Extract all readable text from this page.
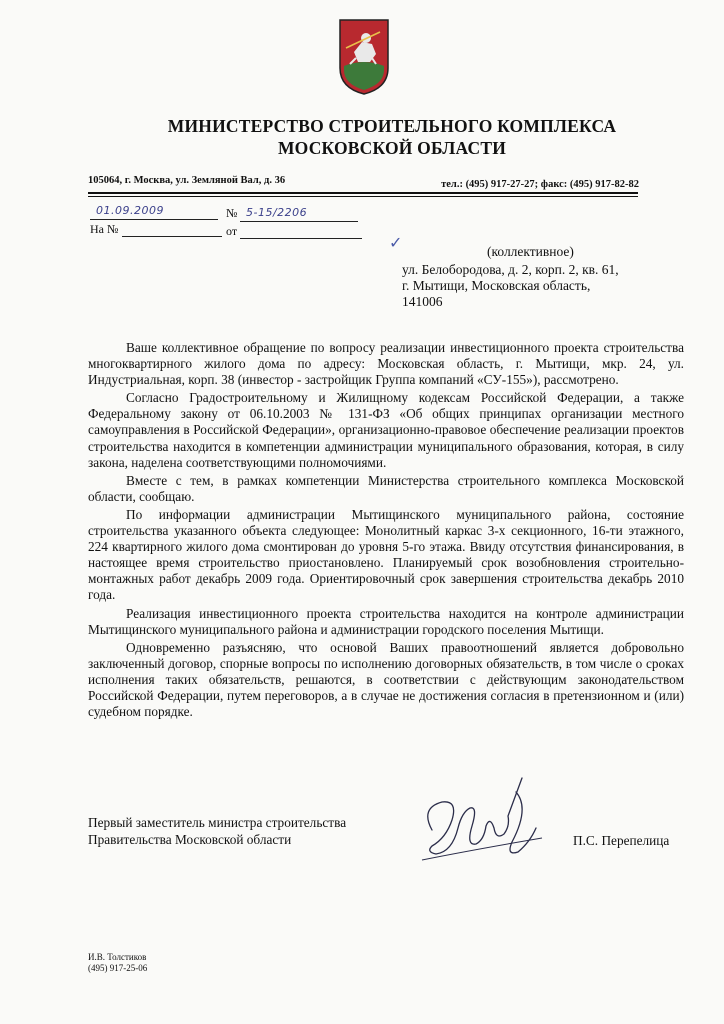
МИНИСТЕРСТВО СТРОИТЕЛЬНОГО КОМПЛЕКСА
МОСКОВСКОЙ ОБЛАСТИ
105064, г. Москва, ул. Земляной Вал, д. 36	тел.: (495) 917-27-27; факс: (495) 917-82-82
01.09.2009	№ 5-15/2206
На №	от
✓	(коллективное)
ул. Белобородова, д. 2, корп. 2, кв. 61,
г. Мытищи, Московская область,
141006

Ваше коллективное обращение по вопросу реализации инвестиционного проекта строительства многоквартирного жилого дома по адресу: Московская область, г. Мытищи, мкр. 24, ул. Индустриальная, корп. 38 (инвестор - застройщик Группа компаний «СУ-155»), рассмотрено.

Согласно Градостроительному и Жилищному кодексам Российской Федерации, а также Федеральному закону от 06.10.2003 № 131-ФЗ «Об общих принципах организации местного самоуправления в Российской Федерации», организационно-правовое обеспечение реализации проектов строительства находится в компетенции администрации муниципального образования, которая, в силу закона, наделена соответствующими полномочиями.

Вместе с тем, в рамках компетенции Министерства строительного комплекса Московской области, сообщаю.

По информации администрации Мытищинского муниципального района, состояние строительства указанного объекта следующее: Монолитный каркас 3-х секционного, 16-ти этажного, 224 квартирного жилого дома смонтирован до уровня 5-го этажа. Ввиду отсутствия финансирования, в настоящее время строительство приостановлено. Планируемый срок возобновления строительно-монтажных работ декабрь 2009 года. Ориентировочный срок завершения строительства декабрь 2010 года.

Реализация инвестиционного проекта строительства находится на контроле администрации Мытищинского муниципального района и администрации городского поселения Мытищи.

Одновременно разъясняю, что основой Ваших правоотношений является добровольно заключенный договор, спорные вопросы по исполнению договорных обязательств, в том числе о сроках исполнения таких обязательств, решаются, в соответствии с действующим законодательством Российской Федерации, путем переговоров, а в случае не достижения согласия в претензионном и (или) судебном порядке.

Первый заместитель министра строительства
Правительства Московской области	П.С. Перепелица
И.В. Толстиков
(495) 917-25-06
